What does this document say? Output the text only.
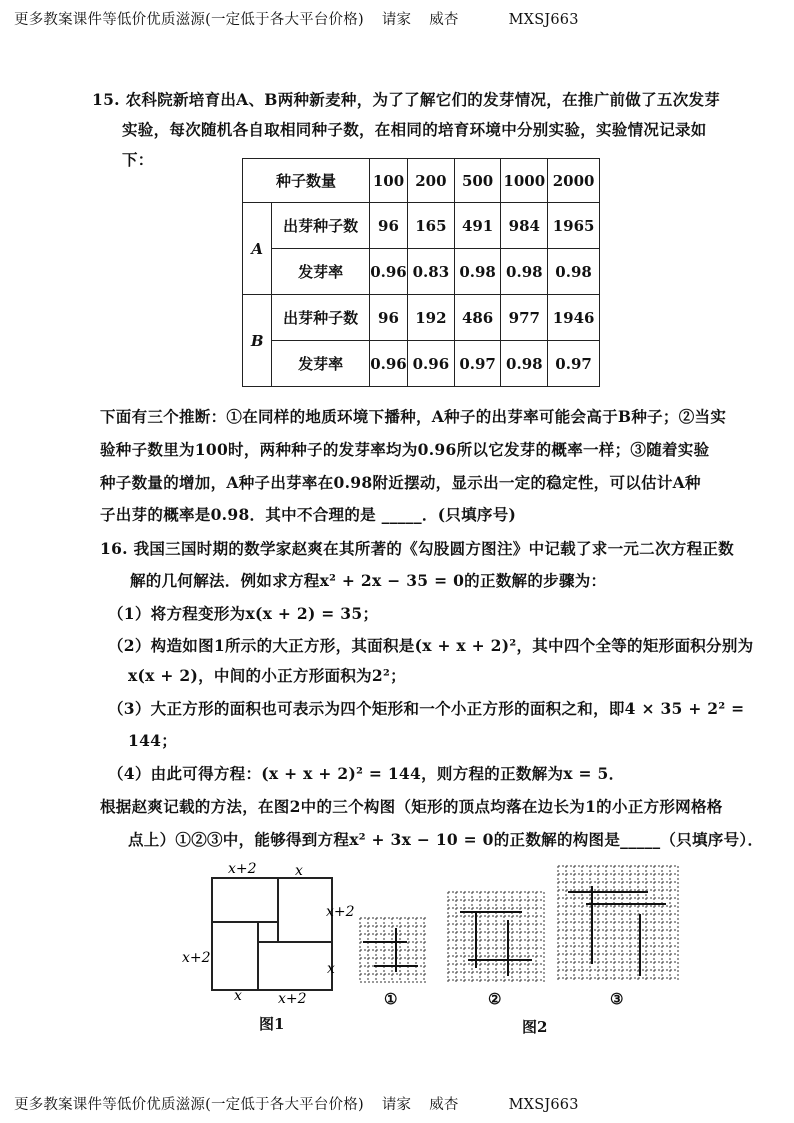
更多教案课件等低价优质滋源(一定低于各大平台价格) 请家 威杏	MXSJ663
15. 农科院新培育出A、B两种新麦种，为了了解它们的发芽情况，在推广前做了五次发芽
实验，每次随机各自取相同种子数，在相同的培育环境中分别实验，实验情况记录如
下：
种子数量		100	200	500	1000	2000
A	出芽种子数	96	165	491	984	1965
	发芽率	0.96	0.83	0.98	0.98	0.98
B	出芽种子数	96	192	486	977	1946
	发芽率	0.96	0.96	0.97	0.98	0.97
下面有三个推断：①在同样的地质环境下播种，A种子的出芽率可能会高于B种子；②当实
验种子数里为100时，两种种子的发芽率均为0.96所以它发芽的概率一样；③随着实验
种子数量的增加，A种子出芽率在0.98附近摆动，显示出一定的稳定性，可以估计A种
子出芽的概率是0.98．其中不合理的是 _____．(只填序号)
16. 我国三国时期的数学家赵爽在其所著的《勾股圆方图注》中记载了求一元二次方程正数
解的几何解法．例如求方程x² + 2x − 35 = 0的正数解的步骤为：
（1）将方程变形为x(x + 2) = 35；
（2）构造如图1所示的大正方形，其面积是(x + x + 2)²，其中四个全等的矩形面积分别为
x(x + 2)，中间的小正方形面积为2²；
（3）大正方形的面积也可表示为四个矩形和一个小正方形的面积之和，即4 × 35 + 2² =
144；
（4）由此可得方程：(x + x + 2)² = 144，则方程的正数解为x = 5．
根据赵爽记载的方法，在图2中的三个构图（矩形的顶点均落在边长为1的小正方形网格格
点上）①②③中，能够得到方程x² + 3x − 10 = 0的正数解的构图是_____（只填序号）．
x+2	x
x+2
x
x+2
x	x+2
图1
①	②	③
图2
更多教案课件等低价优质滋源(一定低于各大平台价格) 请家 威杏	MXSJ663
